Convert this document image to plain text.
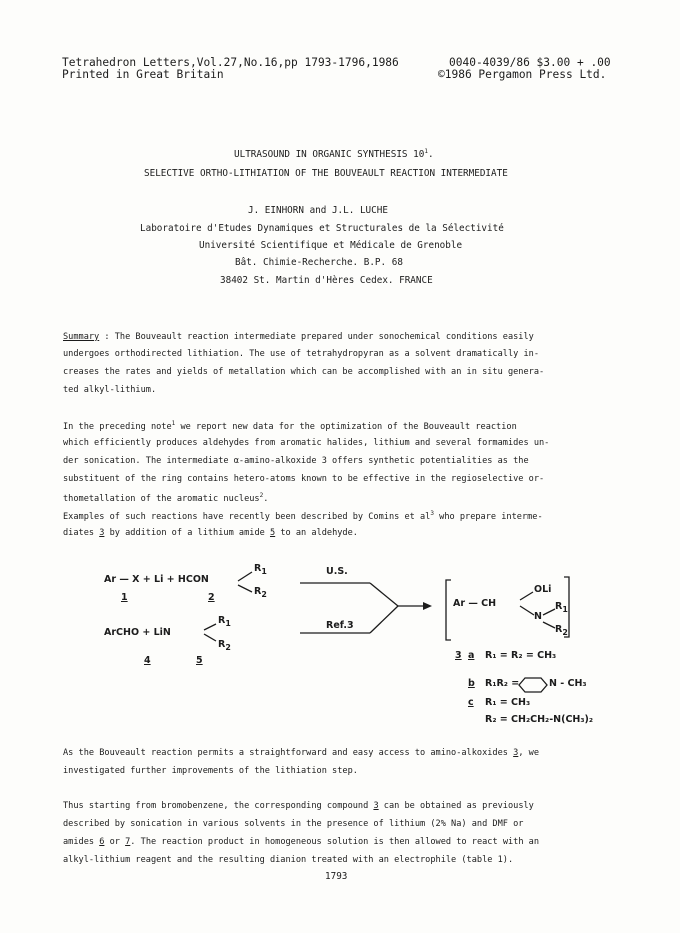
Tetrahedron Letters,Vol.27,No.16,pp 1793-1796,1986
Printed in Great Britain
0040-4039/86 $3.00 + .00
©1986 Pergamon Press Ltd.
ULTRASOUND IN ORGANIC SYNTHESIS $10^1$.
SELECTIVE ORTHO-LITHIATION OF THE BOUVEAULT REACTION INTERMEDIATE
J. EINHORN and J.L. LUCHE
Laboratoire d'Etudes Dynamiques et Structurales de la Sélectivité
Université Scientifique et Médicale de Grenoble
Bât. Chimie-Recherche. B.P. 68
38402 St. Martin d'Hères Cedex. FRANCE
Summary : The Bouveault reaction intermediate prepared under sonochemical conditions easily
undergoes orthodirected lithiation. The use of tetrahydropyran as a solvent dramatically in-
creases the rates and yields of metallation which can be accomplished with an in situ genera-
ted alkyl-lithium.
In the preceding note$^1$ we report new data for the optimization of the Bouveault reaction
which efficiently produces aldehydes from aromatic halides, lithium and several formamides un-
der sonication. The intermediate α-amino-alkoxide 3 offers synthetic potentialities as the
substituent of the ring contains hetero-atoms known to be effective in the regioselective or-
thometallation of the aromatic nucleus$^2$.
Examples of such reactions have recently been described by Comins et $al^3$ who prepare interme-
diates 3 by addition of a lithium amide 5 to an aldehyde.
Ar — X + Li + HCON
$R_1$
$R_2$
1	2
ArCHO + LiN
$R_1$
$R_2$
4	5
U.S.
Ref.3
Ar — CH
OLi
N
$R_1$
$R_2$
3 a R₁ = R₂ = CH₃
b R₁R₂ =	N - CH₃
c R₁ = CH₃
R₂ = CH₂CH₂-N(CH₃)₂
As the Bouveault reaction permits a straightforward and easy access to amino-alkoxides 3, we
investigated further improvements of the lithiation step.
Thus starting from bromobenzene, the corresponding compound 3 can be obtained as previously
described by sonication in various solvents in the presence of lithium (2% Na) and DMF or
amides 6 or 7. The reaction product in homogeneous solution is then allowed to react with an
alkyl-lithium reagent and the resulting dianion treated with an electrophile (table 1).
1793
